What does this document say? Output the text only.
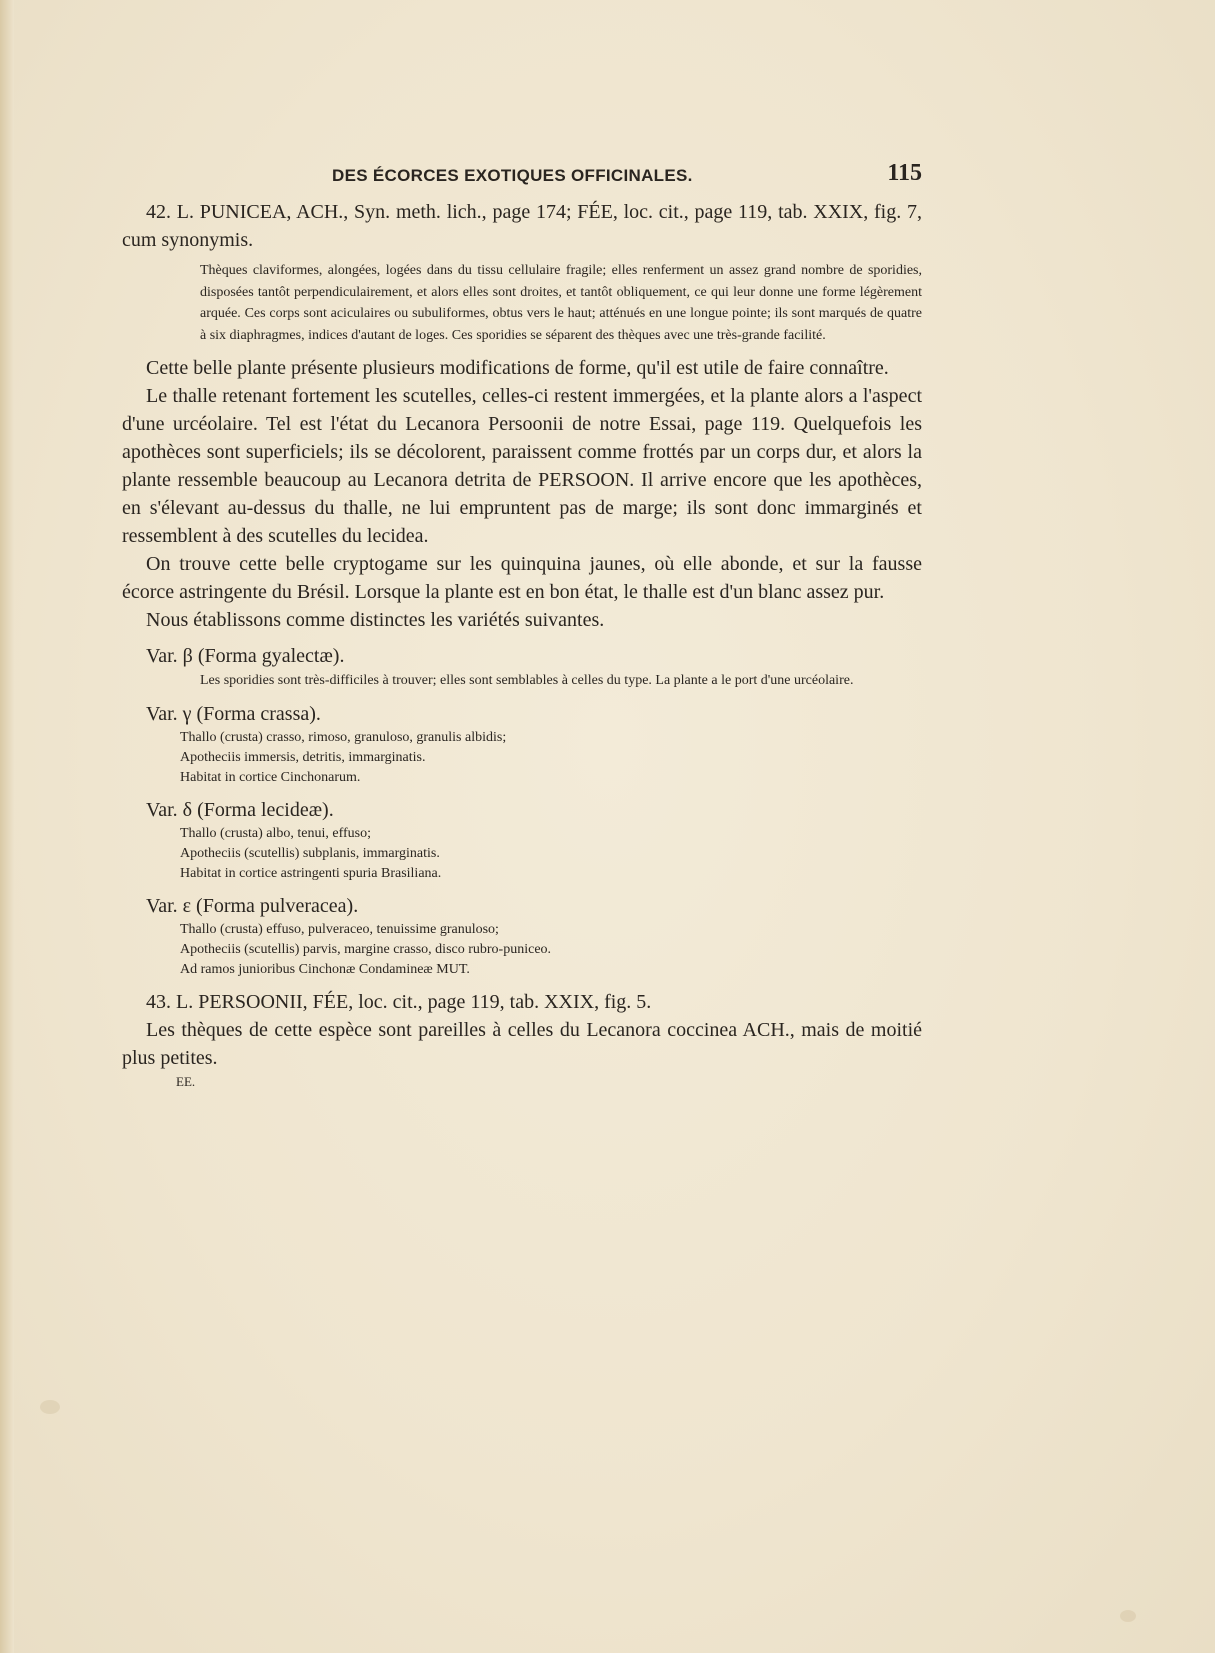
DES ÉCORCES EXOTIQUES OFFICINALES.	115

42. L. PUNICEA, ACH., Syn. meth. lich., page 174; FÉE, loc. cit., page 119, tab. XXIX, fig. 7, cum synonymis.

Thèques claviformes, alongées, logées dans du tissu cellulaire fragile; elles renferment un assez grand nombre de sporidies, disposées tantôt perpendiculairement, et alors elles sont droites, et tantôt obliquement, ce qui leur donne une forme légèrement arquée. Ces corps sont aciculaires ou subuliformes, obtus vers le haut; atténués en une longue pointe; ils sont marqués de quatre à six diaphragmes, indices d'autant de loges. Ces sporidies se séparent des thèques avec une très-grande facilité.

Cette belle plante présente plusieurs modifications de forme, qu'il est utile de faire connaître.

Le thalle retenant fortement les scutelles, celles-ci restent immergées, et la plante alors a l'aspect d'une urcéolaire. Tel est l'état du Lecanora Persoonii de notre Essai, page 119. Quelquefois les apothèces sont superficiels; ils se décolorent, paraissent comme frottés par un corps dur, et alors la plante ressemble beaucoup au Lecanora detrita de PERSOON. Il arrive encore que les apothèces, en s'élevant au-dessus du thalle, ne lui empruntent pas de marge; ils sont donc immarginés et ressemblent à des scutelles du lecidea.

On trouve cette belle cryptogame sur les quinquina jaunes, où elle abonde, et sur la fausse écorce astringente du Brésil. Lorsque la plante est en bon état, le thalle est d'un blanc assez pur.

Nous établissons comme distinctes les variétés suivantes.

Var. β (Forma gyalectæ).

Les sporidies sont très-difficiles à trouver; elles sont semblables à celles du type. La plante a le port d'une urcéolaire.

Var. γ (Forma crassa).

Thallo (crusta) crasso, rimoso, granuloso, granulis albidis;

Apotheciis immersis, detritis, immarginatis.

Habitat in cortice Cinchonarum.

Var. δ (Forma lecideæ).

Thallo (crusta) albo, tenui, effuso;

Apotheciis (scutellis) subplanis, immarginatis.

Habitat in cortice astringenti spuria Brasiliana.

Var. ε (Forma pulveracea).

Thallo (crusta) effuso, pulveraceo, tenuissime granuloso;

Apotheciis (scutellis) parvis, margine crasso, disco rubro-puniceo.

Ad ramos junioribus Cinchonæ Condamineæ MUT.

43. L. PERSOONII, FÉE, loc. cit., page 119, tab. XXIX, fig. 5.

Les thèques de cette espèce sont pareilles à celles du Lecanora coccinea ACH., mais de moitié plus petites.

EE.
